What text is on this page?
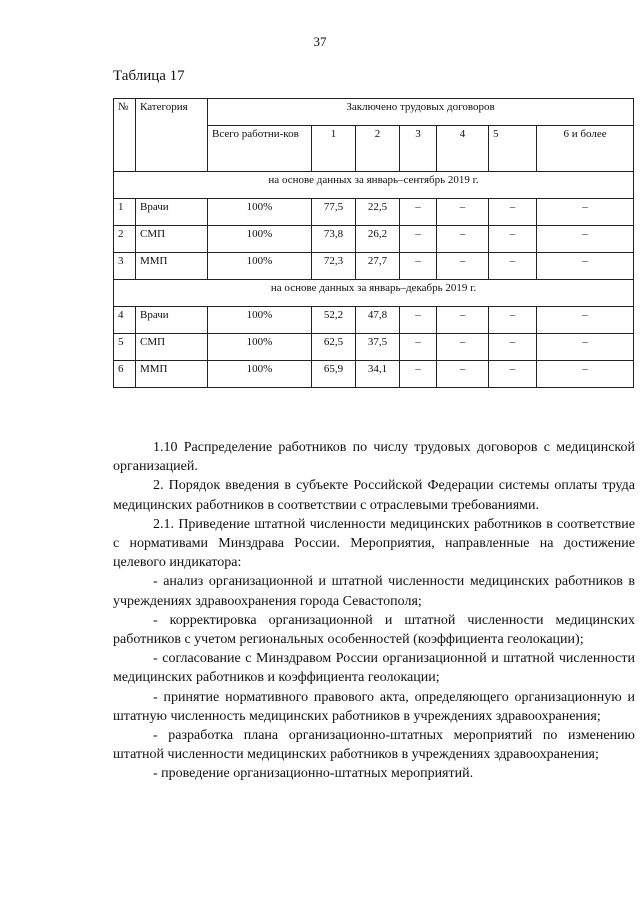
37
Таблица 17
№	Категория	Заключено трудовых договоров						
		Всего работни-ков	1	2	3	4	5	6 и более
на основе данных за январь–сентябрь 2019 г.								
1	Врачи	100%	77,5	22,5	–	–	–	–
2	СМП	100%	73,8	26,2	–	–	–	–
3	ММП	100%	72,3	27,7	–	–	–	–
на основе данных за январь–декабрь 2019 г.								
4	Врачи	100%	52,2	47,8	–	–	–	–
5	СМП	100%	62,5	37,5	–	–	–	–
6	ММП	100%	65,9	34,1	–	–	–	–

1.10 Распределение работников по числу трудовых договоров с медицинской организацией.

2. Порядок введения в субъекте Российской Федерации системы оплаты труда медицинских работников в соответствии с отраслевыми требованиями.

2.1. Приведение штатной численности медицинских работников в соответствие с нормативами Минздрава России. Мероприятия, направленные на достижение целевого индикатора:

- анализ организационной и штатной численности медицинских работников в учреждениях здравоохранения города Севастополя;

- корректировка организационной и штатной численности медицинских работников с учетом региональных особенностей (коэффициента геолокации);

- согласование с Минздравом России организационной и штатной численности медицинских работников и коэффициента геолокации;

- принятие нормативного правового акта, определяющего организационную и штатную численность медицинских работников в учреждениях здравоохранения;

- разработка плана организационно-штатных мероприятий по изменению штатной численности медицинских работников в учреждениях здравоохранения;

- проведение организационно-штатных мероприятий.
